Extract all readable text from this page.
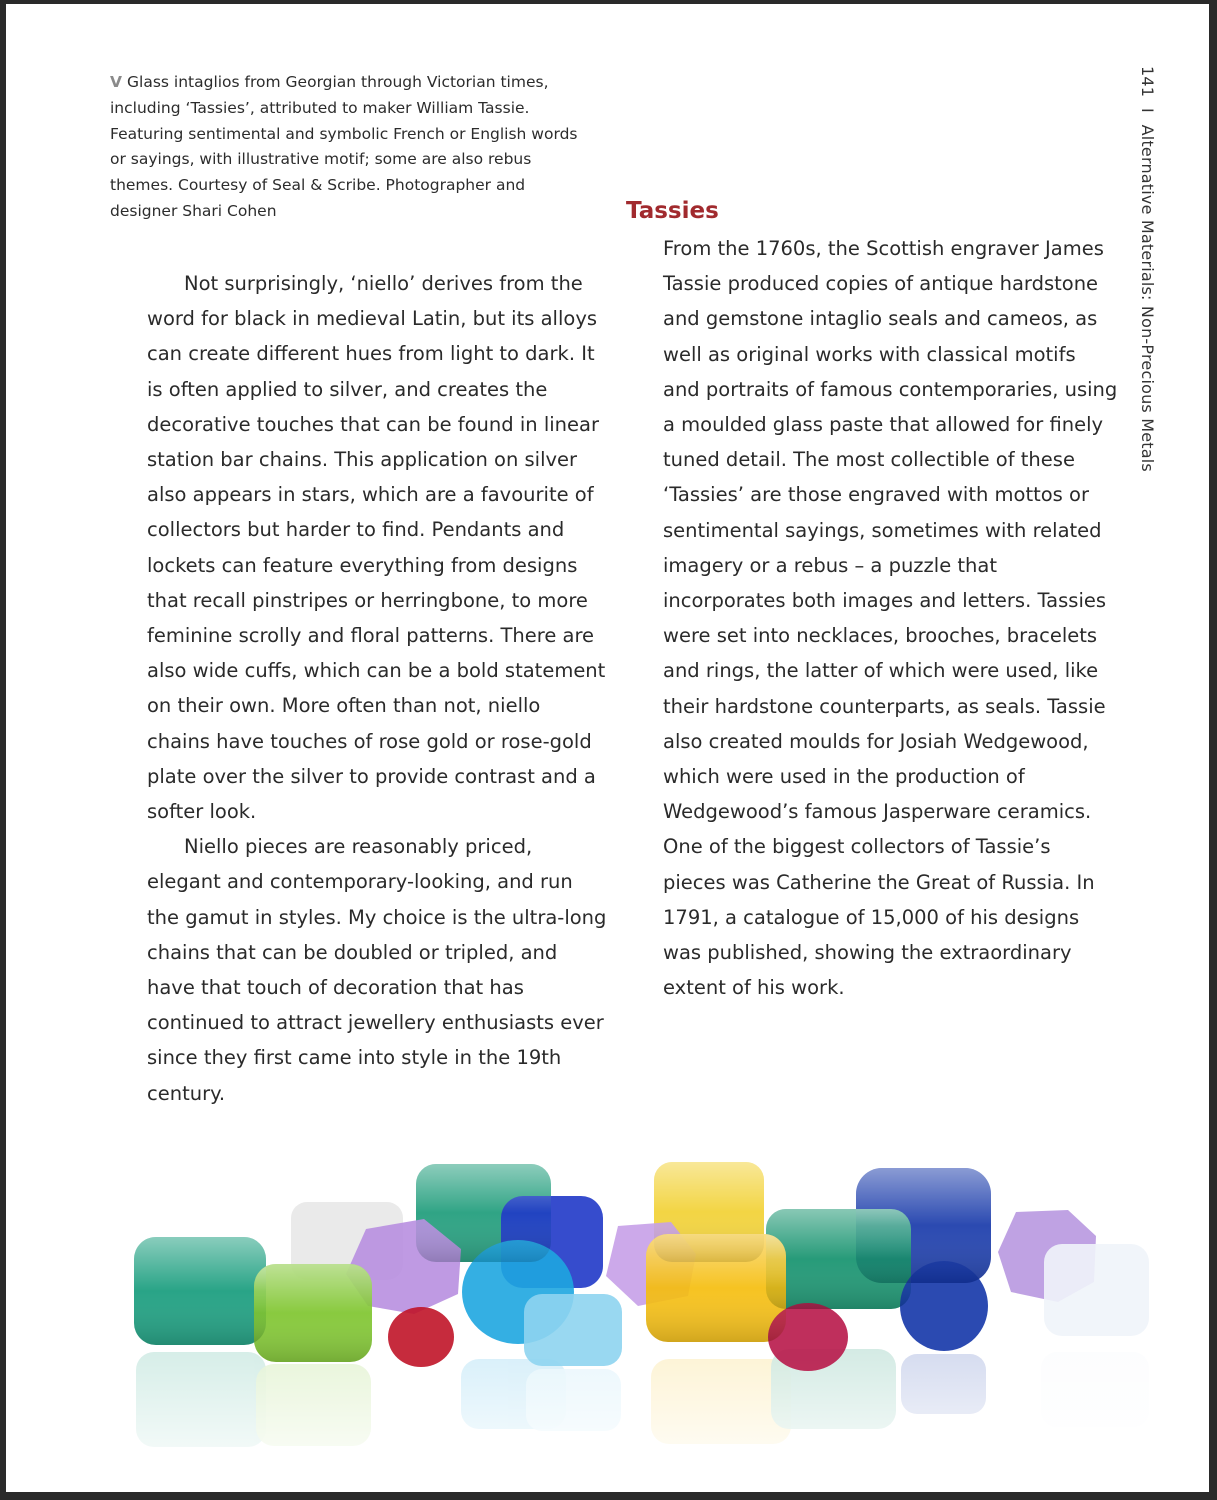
V Glass intaglios from Georgian through Victorian times, including ‘Tassies’, attributed to maker William Tassie. Featuring sentimental and symbolic French or English words or sayings, with illustrative motif; some are also rebus themes. Courtesy of Seal & Scribe. Photographer and designer Shari Cohen

Not surprisingly, ‘niello’ derives from the word for black in medieval Latin, but its alloys can create different hues from light to dark. It is often applied to silver, and creates the decorative touches that can be found in linear station bar chains. This application on silver also appears in stars, which are a favourite of collectors but harder to find. Pendants and lockets can feature everything from designs that recall pinstripes or herringbone, to more feminine scrolly and floral patterns. There are also wide cuffs, which can be a bold statement on their own. More often than not, niello chains have touches of rose gold or rose-gold plate over the silver to provide contrast and a softer look.

Niello pieces are reasonably priced, elegant and contemporary-looking, and run the gamut in styles. My choice is the ultra-long chains that can be doubled or tripled, and have that touch of decoration that has continued to attract jewellery enthusiasts ever since they first came into style in the 19th century.

Tassies

From the 1760s, the Scottish engraver James Tassie produced copies of antique hardstone and gemstone intaglio seals and cameos, as well as original works with classical motifs and portraits of famous contemporaries, using a moulded glass paste that allowed for finely tuned detail. The most collectible of these ‘Tassies’ are those engraved with mottos or sentimental sayings, sometimes with related imagery or a rebus – a puzzle that incorporates both images and letters. Tassies were set into necklaces, brooches, bracelets and rings, the latter of which were used, like their hardstone counterparts, as seals. Tassie also created moulds for Josiah Wedgewood, which were used in the production of Wedgewood’s famous Jasperware ceramics. One of the biggest collectors of Tassie’s pieces was Catherine the Great of Russia. In 1791, a catalogue of 15,000 of his designs was published, showing the extraordinary extent of his work.

141 I Alternative Materials: Non-Precious Metals
